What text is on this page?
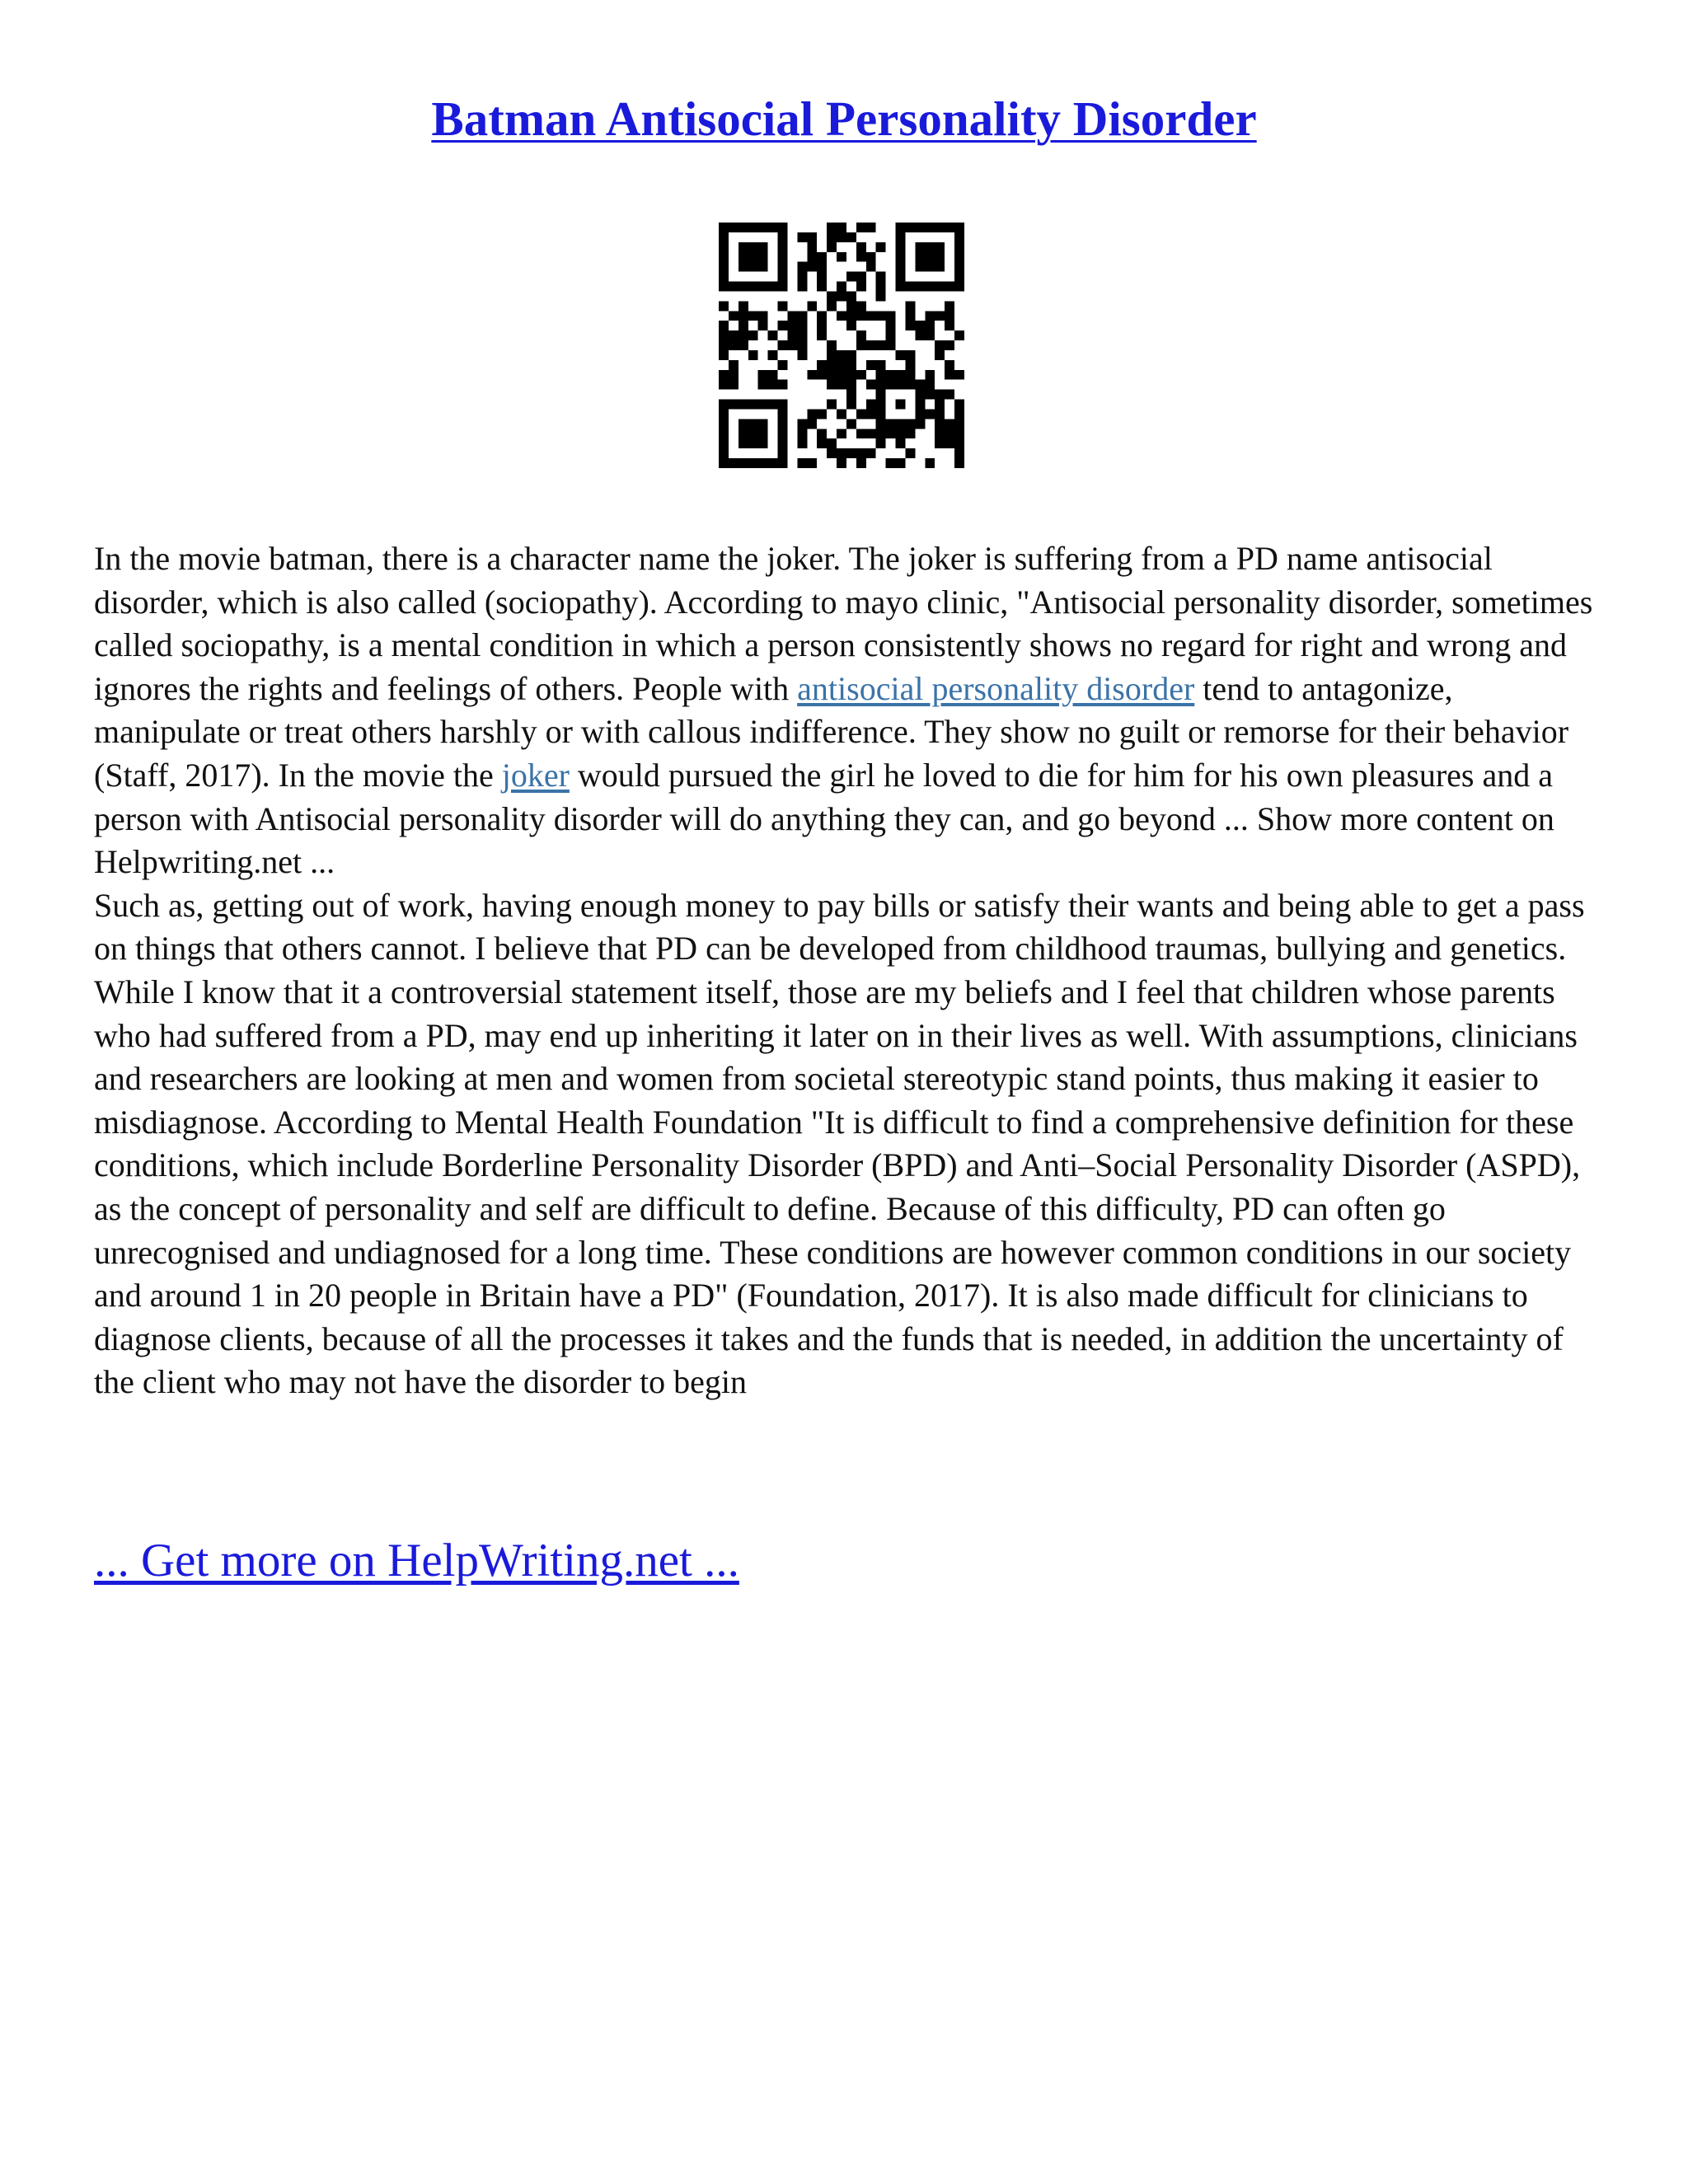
Batman Antisocial Personality Disorder

In the movie batman, there is a character name the joker. The joker is suffering from a PD name antisocial disorder, which is also called (sociopathy). According to mayo clinic, "Antisocial personality disorder, sometimes called sociopathy, is a mental condition in which a person consistently shows no regard for right and wrong and ignores the rights and feelings of others. People with antisocial personality disorder tend to antagonize, manipulate or treat others harshly or with callous indifference. They show no guilt or remorse for their behavior (Staff, 2017). In the movie the joker would pursued the girl he loved to die for him for his own pleasures and a person with Antisocial personality disorder will do anything they can, and go beyond ... Show more content on Helpwriting.net ...

Such as, getting out of work, having enough money to pay bills or satisfy their wants and being able to get a pass on things that others cannot. I believe that PD can be developed from childhood traumas, bullying and genetics. While I know that it a controversial statement itself, those are my beliefs and I feel that children whose parents who had suffered from a PD, may end up inheriting it later on in their lives as well. With assumptions, clinicians and researchers are looking at men and women from societal stereotypic stand points, thus making it easier to misdiagnose. According to Mental Health Foundation "It is difficult to find a comprehensive definition for these conditions, which include Borderline Personality Disorder (BPD) and Anti–Social Personality Disorder (ASPD), as the concept of personality and self are difficult to define. Because of this difficulty, PD can often go unrecognised and undiagnosed for a long time. These conditions are however common conditions in our society and around 1 in 20 people in Britain have a PD" (Foundation, 2017). It is also made difficult for clinicians to diagnose clients, because of all the processes it takes and the funds that is needed, in addition the uncertainty of the client who may not have the disorder to begin

... Get more on HelpWriting.net ...
